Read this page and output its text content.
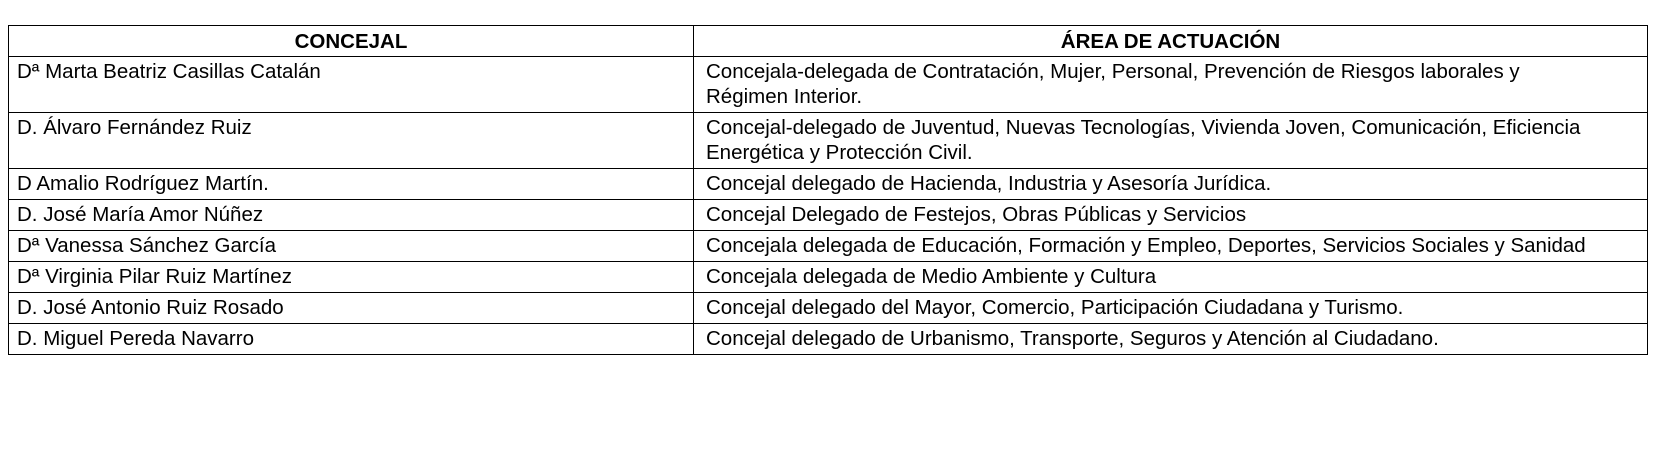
CONCEJAL	ÁREA DE ACTUACIÓN
Dª Marta Beatriz Casillas Catalán	Concejala-delegada de Contratación, Mujer, Personal, Prevención de Riesgos laborales y Régimen Interior.
D. Álvaro Fernández Ruiz	Concejal-delegado de Juventud, Nuevas Tecnologías, Vivienda Joven, Comunicación, Eficiencia Energética y Protección Civil.
D Amalio Rodríguez Martín.	Concejal delegado de Hacienda, Industria y Asesoría Jurídica.
D. José María Amor Núñez	Concejal Delegado de Festejos, Obras Públicas y Servicios
Dª Vanessa Sánchez García	Concejala delegada de Educación, Formación y Empleo, Deportes, Servicios Sociales y Sanidad
Dª Virginia Pilar Ruiz Martínez	Concejala delegada de Medio Ambiente y Cultura
D. José Antonio Ruiz Rosado	Concejal delegado del Mayor, Comercio, Participación Ciudadana y Turismo.
D. Miguel Pereda Navarro	Concejal delegado de Urbanismo, Transporte, Seguros y Atención al Ciudadano.
